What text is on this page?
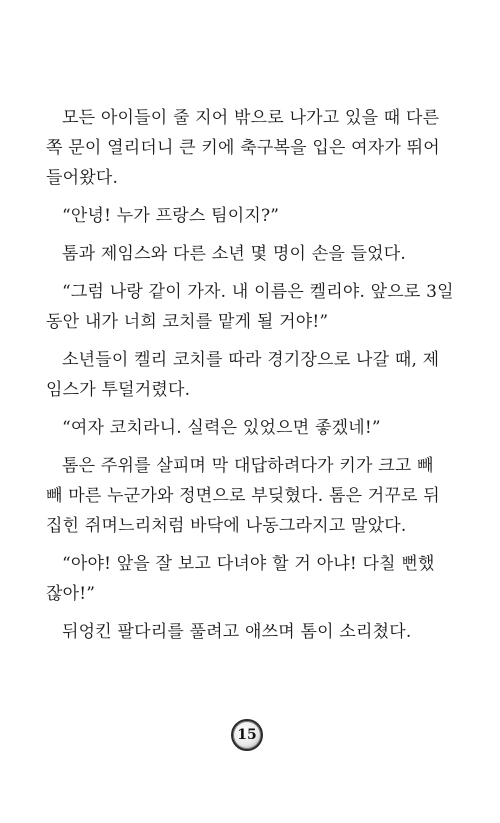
모든 아이들이 줄 지어 밖으로 나가고 있을 때 다른
쪽 문이 열리더니 큰 키에 축구복을 입은 여자가 뛰어
들어왔다.
“안녕! 누가 프랑스 팀이지?”
톰과 제임스와 다른 소년 몇 명이 손을 들었다.
“그럼 나랑 같이 가자. 내 이름은 켈리야. 앞으로 3일
동안 내가 너희 코치를 맡게 될 거야!”
소년들이 켈리 코치를 따라 경기장으로 나갈 때, 제
임스가 투덜거렸다.
“여자 코치라니. 실력은 있었으면 좋겠네!”
톰은 주위를 살피며 막 대답하려다가 키가 크고 빼
빼 마른 누군가와 정면으로 부딪혔다. 톰은 거꾸로 뒤
집힌 쥐며느리처럼 바닥에 나동그라지고 말았다.
“아야! 앞을 잘 보고 다녀야 할 거 아냐! 다칠 뻔했
잖아!”
뒤엉킨 팔다리를 풀려고 애쓰며 톰이 소리쳤다.
15
